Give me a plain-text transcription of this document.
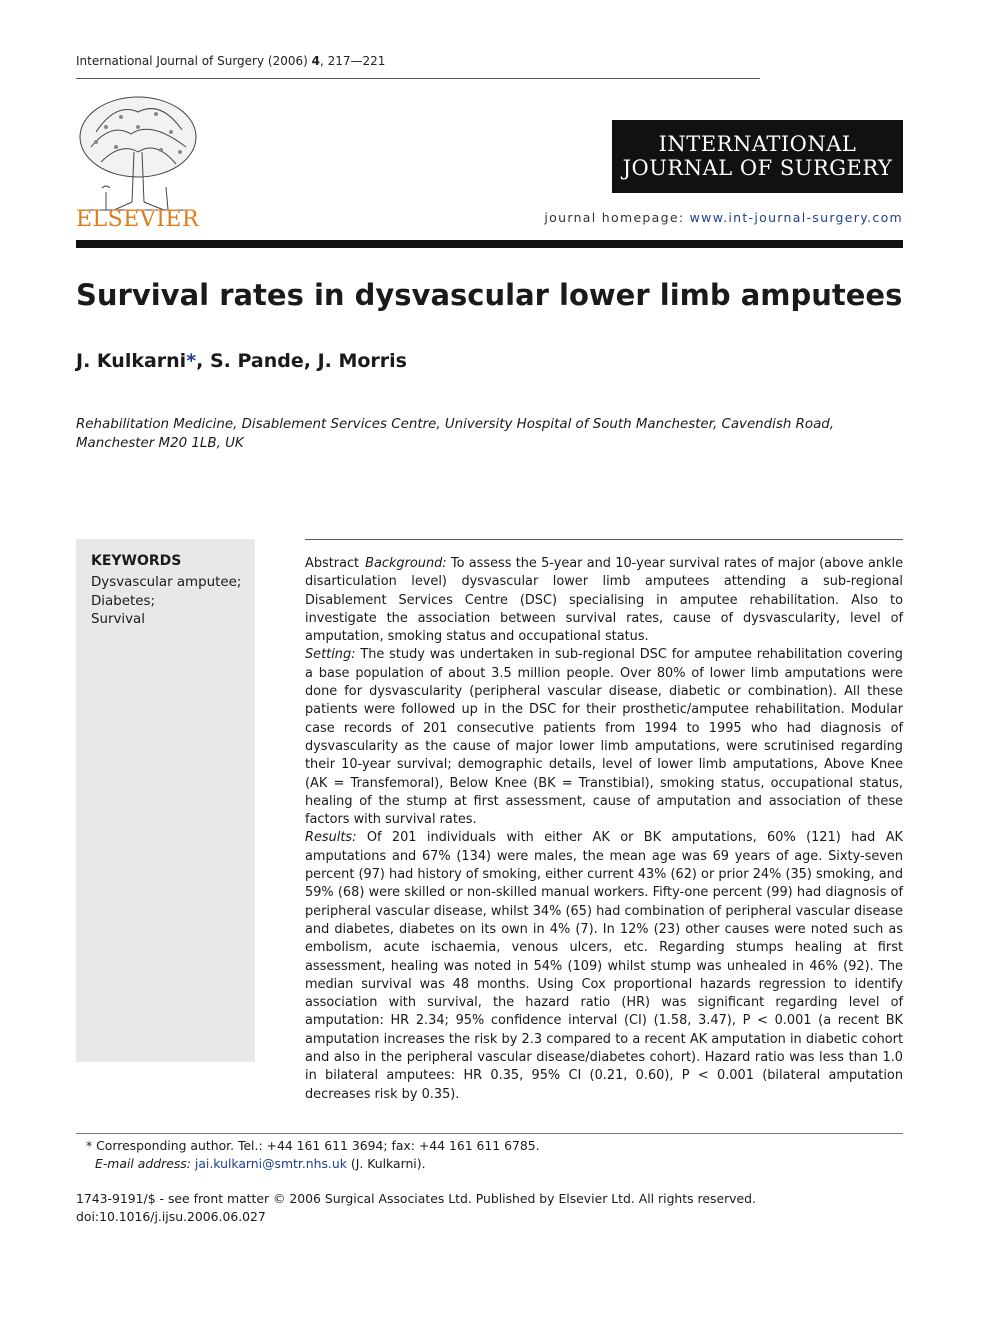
International Journal of Surgery (2006) 4, 217—221
ELSEVIER
INTERNATIONAL
JOURNAL OF SURGERY
journal homepage: www.int-journal-surgery.com
Survival rates in dysvascular lower limb amputees
J. Kulkarni*, S. Pande, J. Morris
Rehabilitation Medicine, Disablement Services Centre, University Hospital of South Manchester, Cavendish Road, Manchester M20 1LB, UK
KEYWORDS
Dysvascular amputee;
Diabetes;
Survival

Abstract Background: To assess the 5-year and 10-year survival rates of major (above ankle disarticulation level) dysvascular lower limb amputees attending a sub-regional Disablement Services Centre (DSC) specialising in amputee rehabilitation. Also to investigate the association between survival rates, cause of dysvascularity, level of amputation, smoking status and occupational status.

Setting: The study was undertaken in sub-regional DSC for amputee rehabilitation covering a base population of about 3.5 million people. Over 80% of lower limb amputations were done for dysvascularity (peripheral vascular disease, diabetic or combination). All these patients were followed up in the DSC for their prosthetic/amputee rehabilitation. Modular case records of 201 consecutive patients from 1994 to 1995 who had diagnosis of dysvascularity as the cause of major lower limb amputations, were scrutinised regarding their 10-year survival; demographic details, level of lower limb amputations, Above Knee (AK = Transfemoral), Below Knee (BK = Transtibial), smoking status, occupational status, healing of the stump at first assessment, cause of amputation and association of these factors with survival rates.

Results: Of 201 individuals with either AK or BK amputations, 60% (121) had AK amputations and 67% (134) were males, the mean age was 69 years of age. Sixty-seven percent (97) had history of smoking, either current 43% (62) or prior 24% (35) smoking, and 59% (68) were skilled or non-skilled manual workers. Fifty-one percent (99) had diagnosis of peripheral vascular disease, whilst 34% (65) had combination of peripheral vascular disease and diabetes, diabetes on its own in 4% (7). In 12% (23) other causes were noted such as embolism, acute ischaemia, venous ulcers, etc. Regarding stumps healing at first assessment, healing was noted in 54% (109) whilst stump was unhealed in 46% (92). The median survival was 48 months. Using Cox proportional hazards regression to identify association with survival, the hazard ratio (HR) was significant regarding level of amputation: HR 2.34; 95% confidence interval (CI) (1.58, 3.47), P < 0.001 (a recent BK amputation increases the risk by 2.3 compared to a recent AK amputation in diabetic cohort and also in the peripheral vascular disease/diabetes cohort). Hazard ratio was less than 1.0 in bilateral amputees: HR 0.35, 95% CI (0.21, 0.60), P < 0.001 (bilateral amputation decreases risk by 0.35).

* Corresponding author. Tel.: +44 161 611 3694; fax: +44 161 611 6785.
E-mail address: jai.kulkarni@smtr.nhs.uk (J. Kulkarni).
1743-9191/$ - see front matter © 2006 Surgical Associates Ltd. Published by Elsevier Ltd. All rights reserved.
doi:10.1016/j.ijsu.2006.06.027
